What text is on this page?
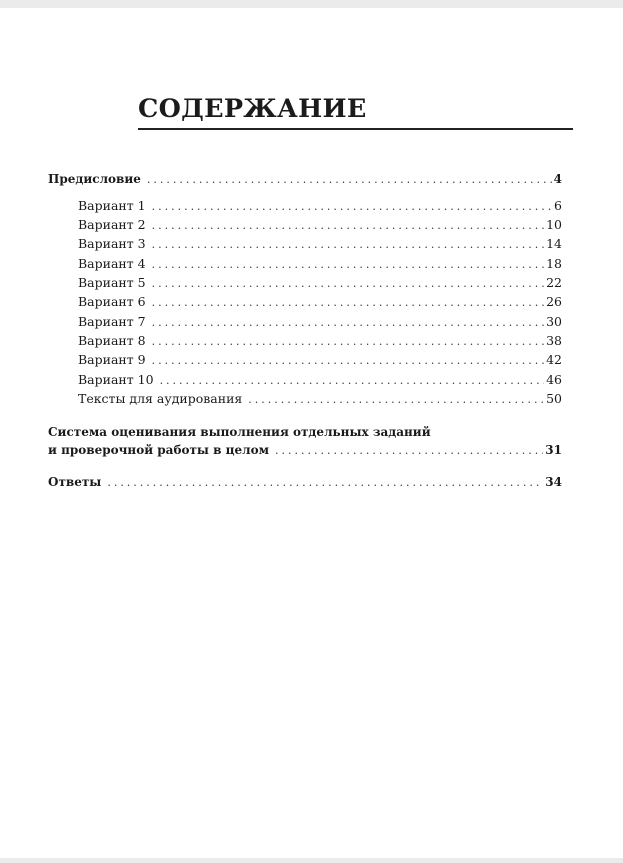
СОДЕРЖАНИЕ
Предисловие . . .	4
Вариант 1 . . .	6
Вариант 2 . . .	10
Вариант 3 . . .	14
Вариант 4 . . .	18
Вариант 5 . . .	22
Вариант 6 . . .	26
Вариант 7 . . .	30
Вариант 8 . . .	38
Вариант 9 . . .	42
Вариант 10 . . .	46
Тексты для аудирования . . .	50
Система оценивания выполнения отдельных заданий
и проверочной работы в целом . . .	31
Ответы . . .	34
